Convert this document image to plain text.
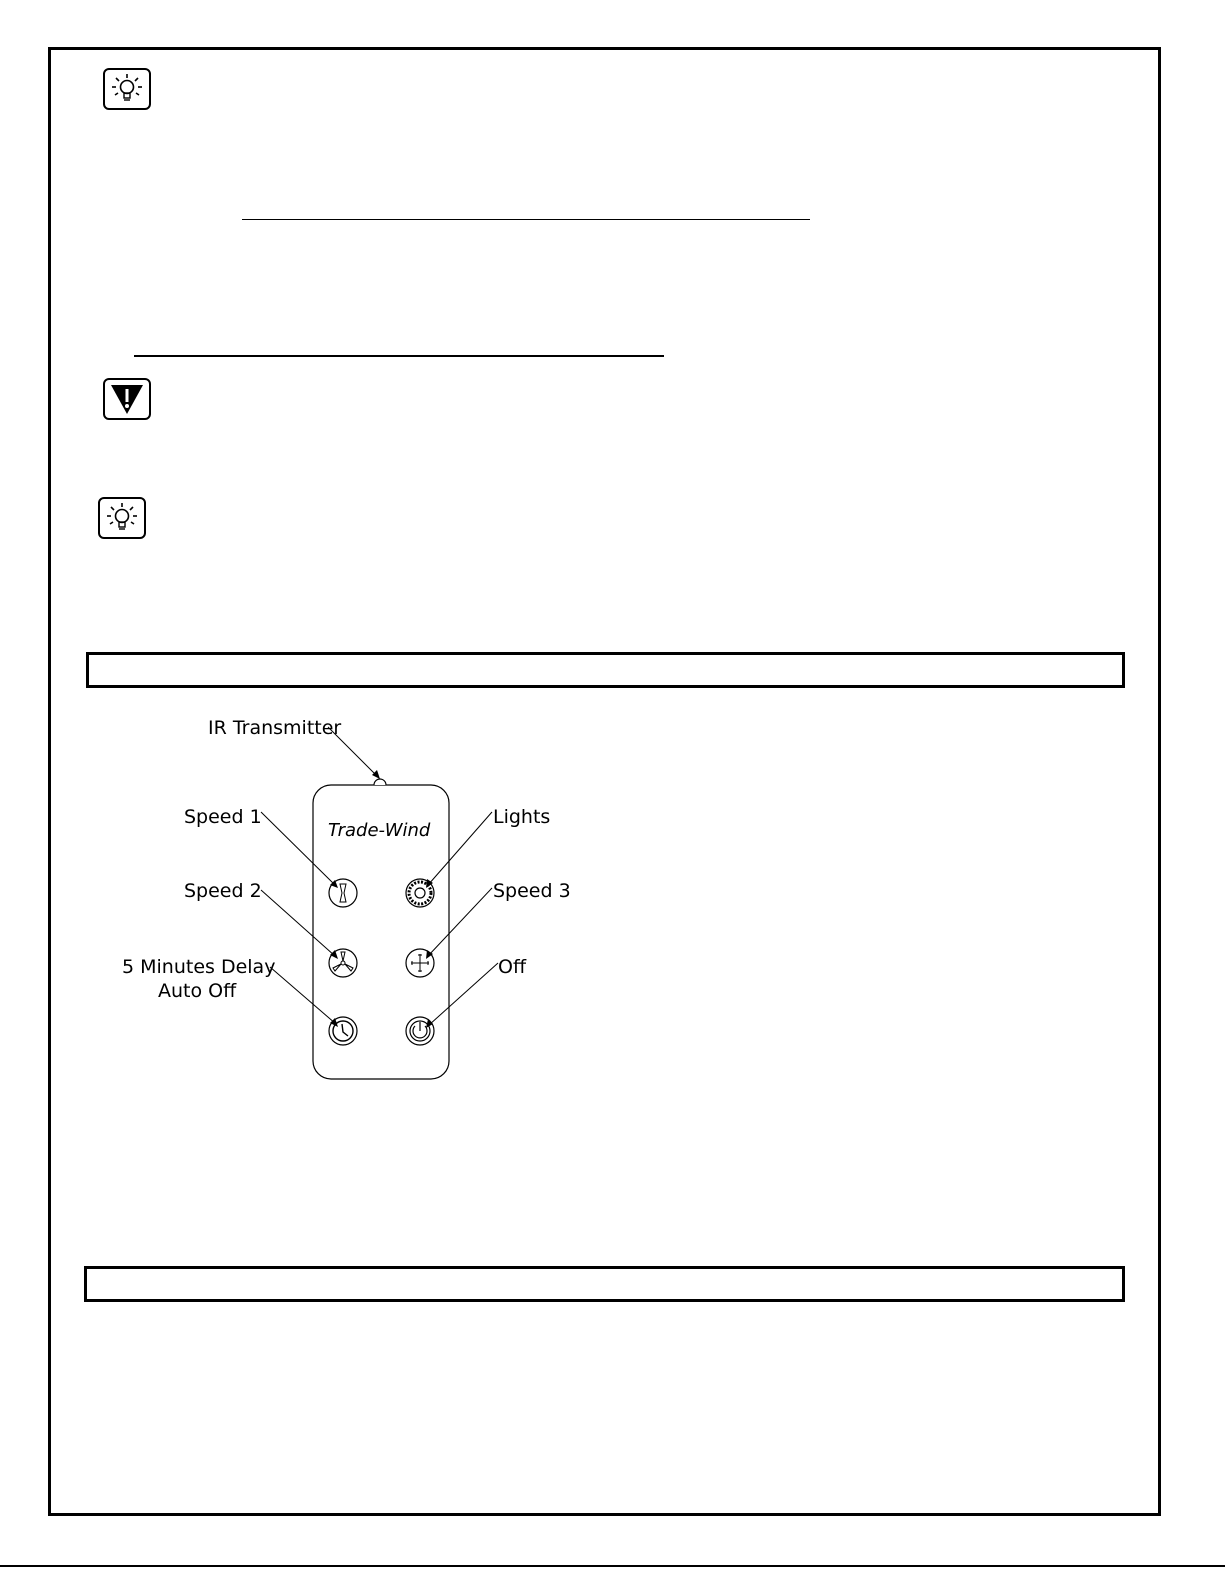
Trade-Wind
IR Transmitter
Speed 1
Speed 2
5 Minutes Delay
Auto Off
Lights
Speed 3
Off
